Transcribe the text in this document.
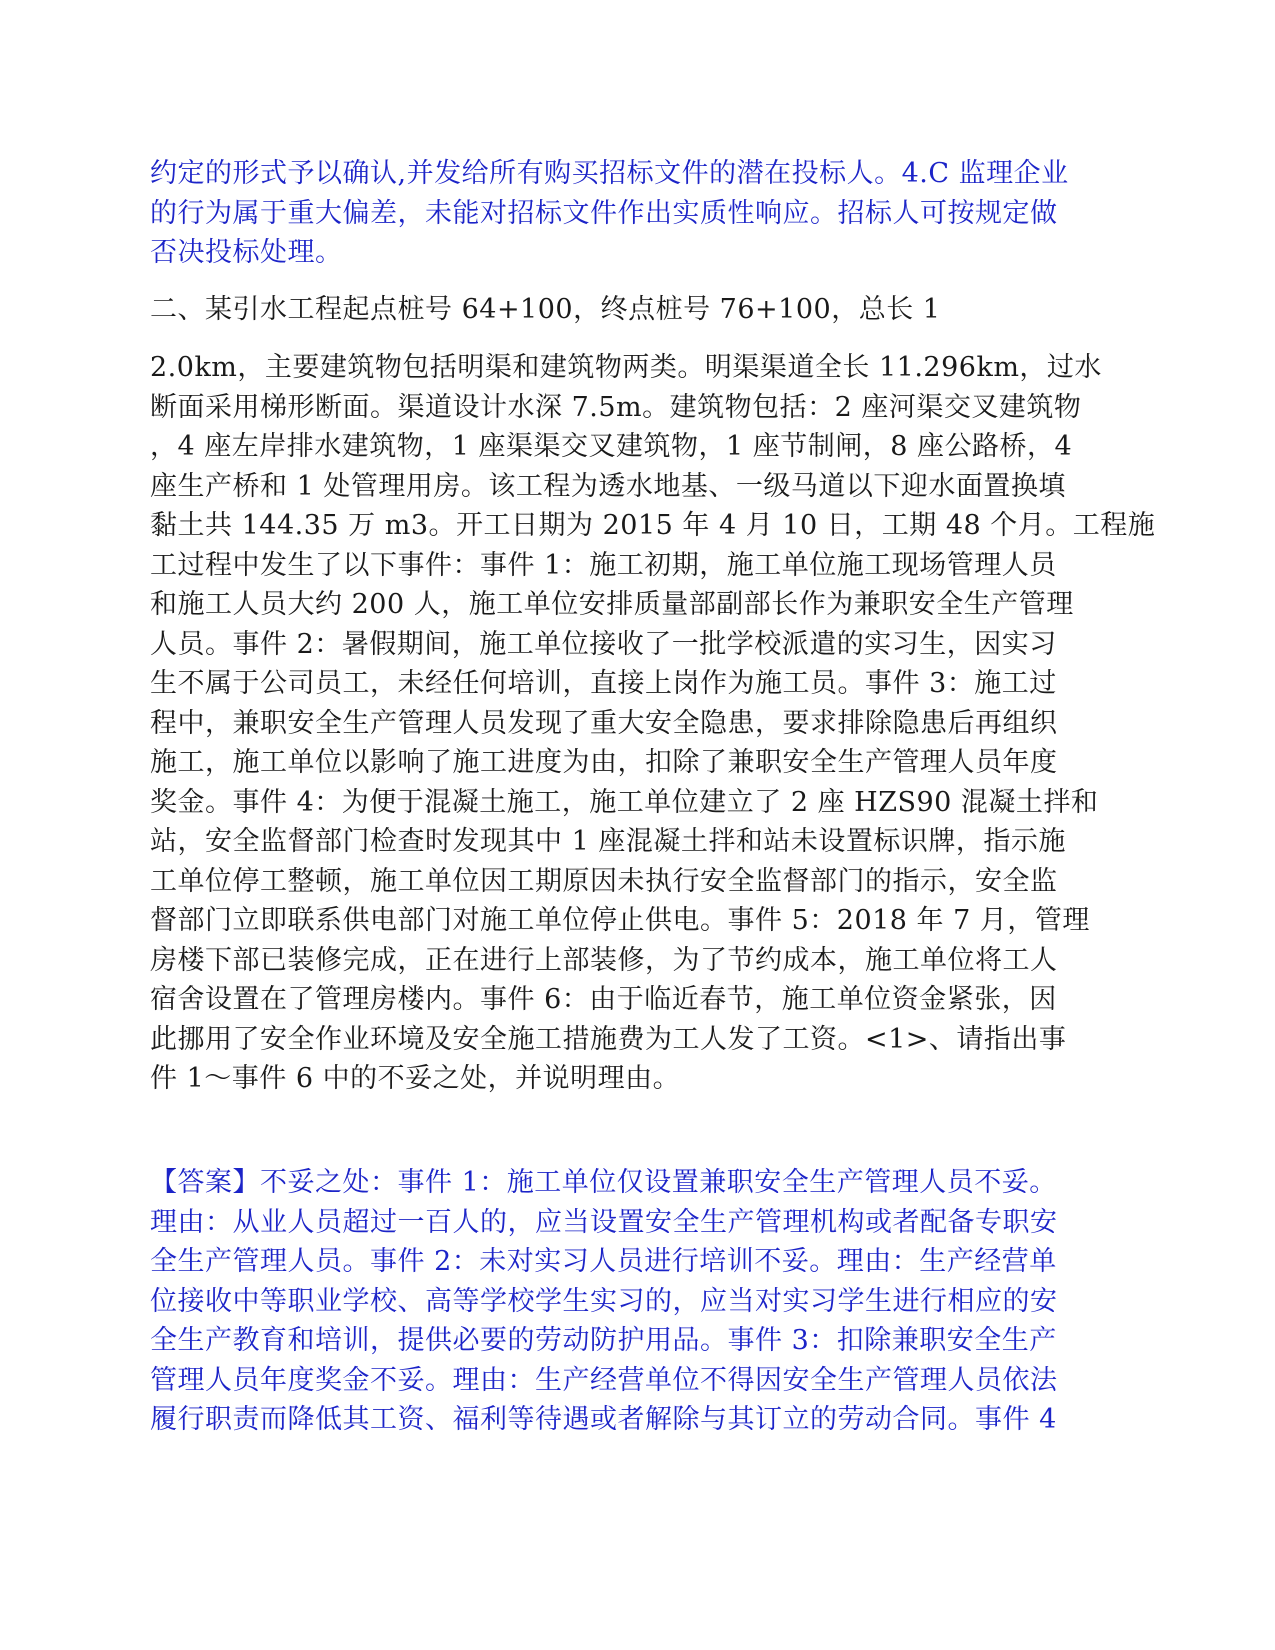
约定的形式予以确认,并发给所有购买招标文件的潜在投标人。4.C 监理企业
的行为属于重大偏差，未能对招标文件作出实质性响应。招标人可按规定做
否决投标处理。
二、某引水工程起点桩号 64+100，终点桩号 76+100，总长 1
2.0km，主要建筑物包括明渠和建筑物两类。明渠渠道全长 11.296km，过水
断面采用梯形断面。渠道设计水深 7.5m。建筑物包括：2 座河渠交叉建筑物
，4 座左岸排水建筑物，1 座渠渠交叉建筑物，1 座节制闸，8 座公路桥，4
座生产桥和 1 处管理用房。该工程为透水地基、一级马道以下迎水面置换填
黏土共 144.35 万 m3。开工日期为 2015 年 4 月 10 日，工期 48 个月。工程施
工过程中发生了以下事件：事件 1：施工初期，施工单位施工现场管理人员
和施工人员大约 200 人，施工单位安排质量部副部长作为兼职安全生产管理
人员。事件 2：暑假期间，施工单位接收了一批学校派遣的实习生，因实习
生不属于公司员工，未经任何培训，直接上岗作为施工员。事件 3：施工过
程中，兼职安全生产管理人员发现了重大安全隐患，要求排除隐患后再组织
施工，施工单位以影响了施工进度为由，扣除了兼职安全生产管理人员年度
奖金。事件 4：为便于混凝土施工，施工单位建立了 2 座 HZS90 混凝土拌和
站，安全监督部门检查时发现其中 1 座混凝土拌和站未设置标识牌，指示施
工单位停工整顿，施工单位因工期原因未执行安全监督部门的指示，安全监
督部门立即联系供电部门对施工单位停止供电。事件 5：2018 年 7 月，管理
房楼下部已装修完成，正在进行上部装修，为了节约成本，施工单位将工人
宿舍设置在了管理房楼内。事件 6：由于临近春节，施工单位资金紧张，因
此挪用了安全作业环境及安全施工措施费为工人发了工资。<1>、请指出事
件 1～事件 6 中的不妥之处，并说明理由。
【答案】不妥之处：事件 1：施工单位仅设置兼职安全生产管理人员不妥。
理由：从业人员超过一百人的，应当设置安全生产管理机构或者配备专职安
全生产管理人员。事件 2：未对实习人员进行培训不妥。理由：生产经营单
位接收中等职业学校、高等学校学生实习的，应当对实习学生进行相应的安
全生产教育和培训，提供必要的劳动防护用品。事件 3：扣除兼职安全生产
管理人员年度奖金不妥。理由：生产经营单位不得因安全生产管理人员依法
履行职责而降低其工资、福利等待遇或者解除与其订立的劳动合同。事件 4
